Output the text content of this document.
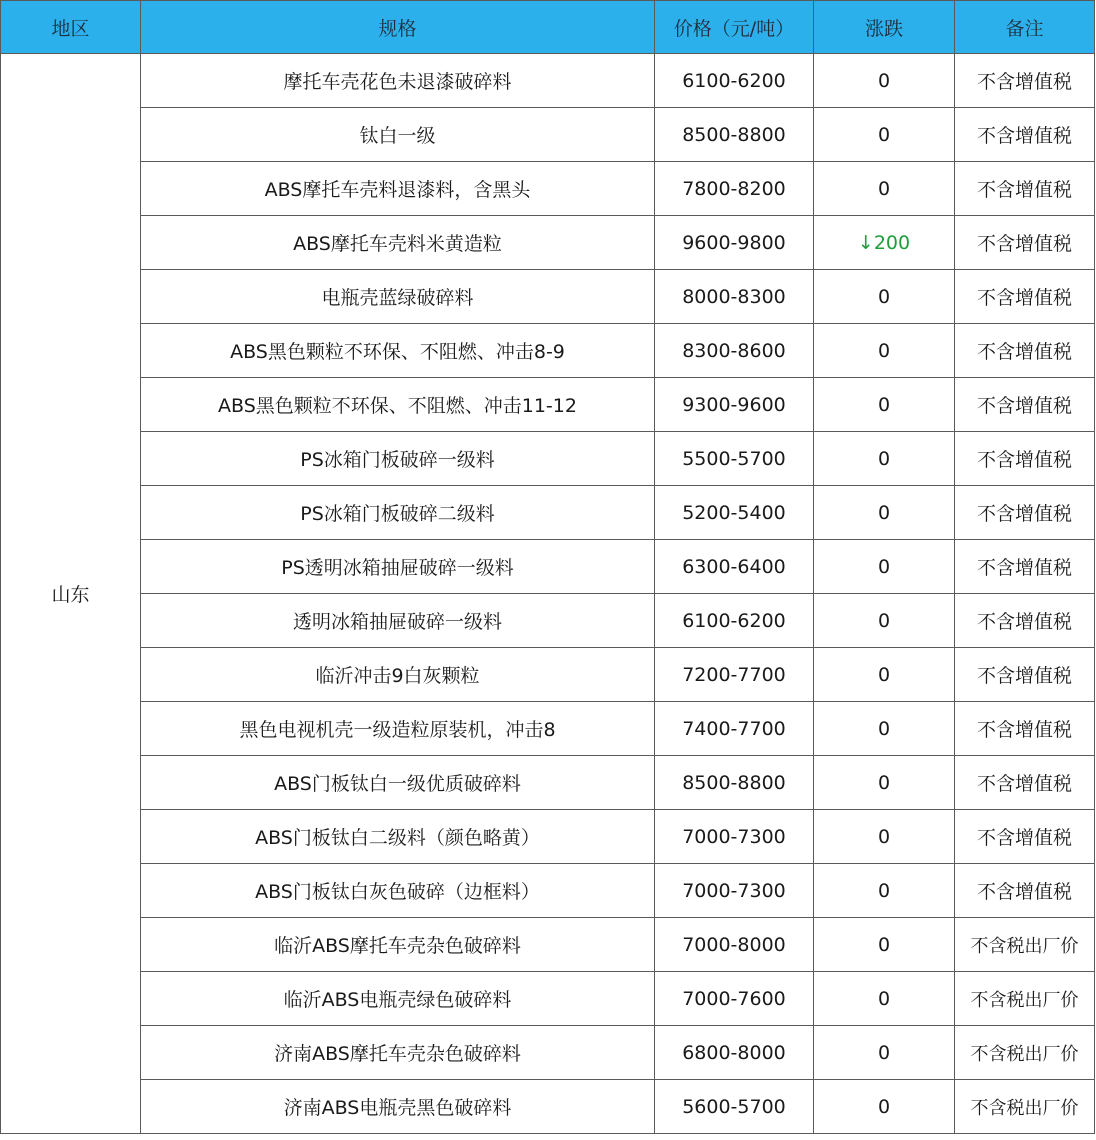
地区	规格	价格（元/吨）	涨跌	备注
山东	摩托车壳花色未退漆破碎料	6100-6200	0	不含增值税
	钛白一级	8500-8800	0	不含增值税
	ABS摩托车壳料退漆料，含黑头	7800-8200	0	不含增值税
	ABS摩托车壳料米黄造粒	9600-9800	↓200	不含增值税
	电瓶壳蓝绿破碎料	8000-8300	0	不含增值税
	ABS黑色颗粒不环保、不阻燃、冲击8-9	8300-8600	0	不含增值税
	ABS黑色颗粒不环保、不阻燃、冲击11-12	9300-9600	0	不含增值税
	PS冰箱门板破碎一级料	5500-5700	0	不含增值税
	PS冰箱门板破碎二级料	5200-5400	0	不含增值税
	PS透明冰箱抽屉破碎一级料	6300-6400	0	不含增值税
	透明冰箱抽屉破碎一级料	6100-6200	0	不含增值税
	临沂冲击9白灰颗粒	7200-7700	0	不含增值税
	黑色电视机壳一级造粒原装机，冲击8	7400-7700	0	不含增值税
	ABS门板钛白一级优质破碎料	8500-8800	0	不含增值税
	ABS门板钛白二级料（颜色略黄）	7000-7300	0	不含增值税
	ABS门板钛白灰色破碎（边框料）	7000-7300	0	不含增值税
	临沂ABS摩托车壳杂色破碎料	7000-8000	0	不含税出厂价
	临沂ABS电瓶壳绿色破碎料	7000-7600	0	不含税出厂价
	济南ABS摩托车壳杂色破碎料	6800-8000	0	不含税出厂价
	济南ABS电瓶壳黑色破碎料	5600-5700	0	不含税出厂价
